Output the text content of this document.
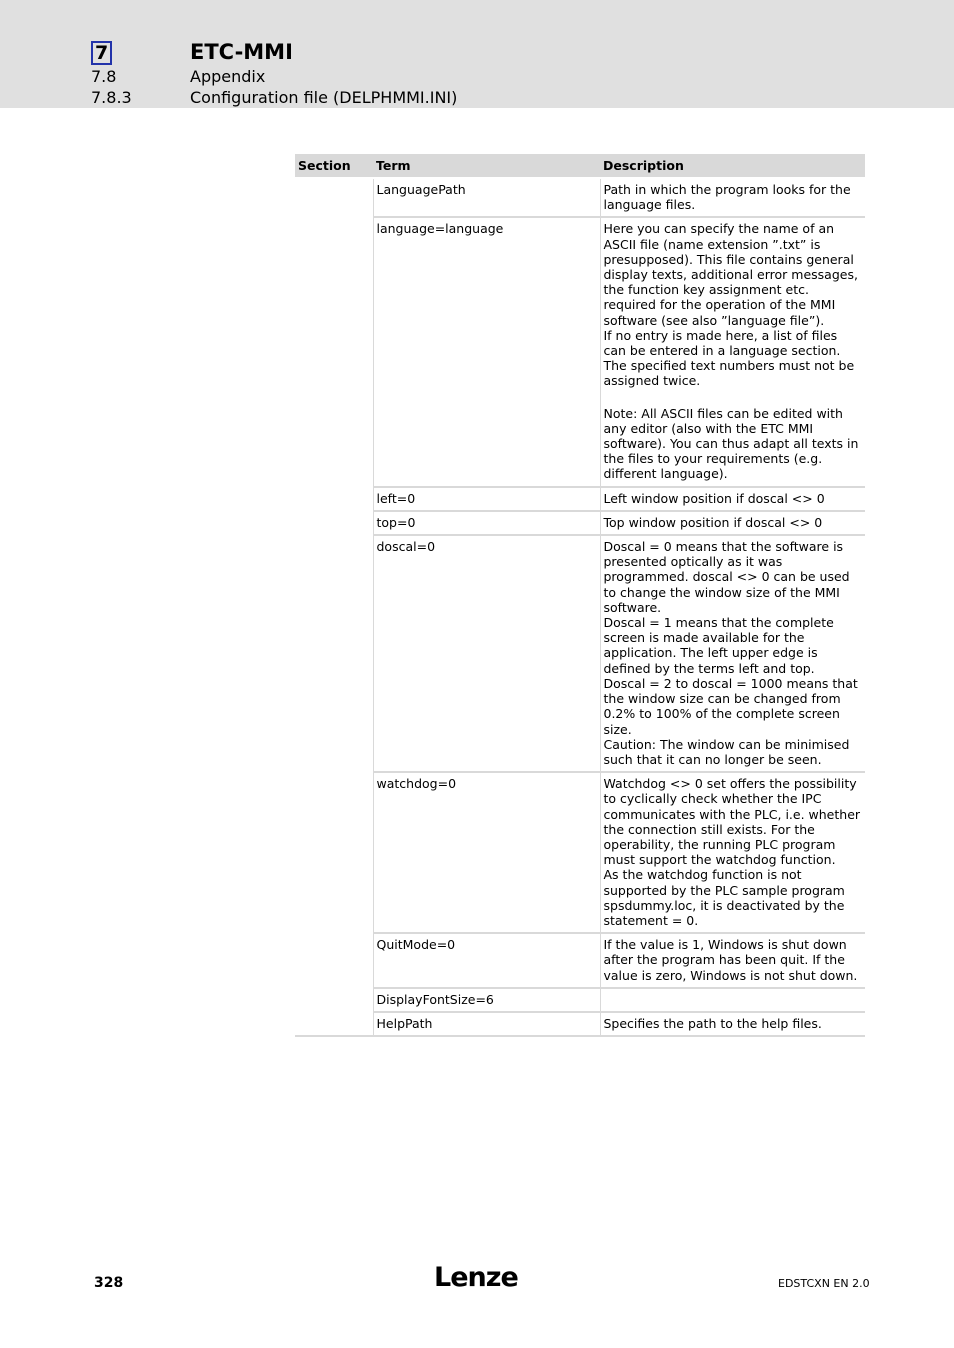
7	ETC-MMI
7.8	Appendix
7.8.3	Configuration file (DELPHMMI.INI)
Section	Term	Description
	LanguagePath	Path in which the program looks for the language files.

	language=language	Here you can specify the name of an ASCII file (name extension ”.txt” is presupposed). This file contains general display texts, additional error messages, the function key assignment etc. required for the operation of the MMI software (see also ”language file”).

If no entry is made here, a list of files can be entered in a language section. The specified text numbers must not be assigned twice.

Note: All ASCII files can be edited with any editor (also with the ETC MMI software). You can thus adapt all texts in the files to your requirements (e.g. different language).

	left=0	Left window position if doscal <> 0

	top=0	Top window position if doscal <> 0

	doscal=0	Doscal = 0 means that the software is presented optically as it was programmed. doscal <> 0 can be used to change the window size of the MMI software.

Doscal = 1 means that the complete screen is made available for the application. The left upper edge is defined by the terms left and top.

Doscal = 2 to doscal = 1000 means that the window size can be changed from 0.2% to 100% of the complete screen size.

Caution: The window can be minimised such that it can no longer be seen.

	watchdog=0	Watchdog <> 0 set offers the possibility to cyclically check whether the IPC communicates with the PLC, i.e. whether the connection still exists. For the operability, the running PLC program must support the watchdog function.

As the watchdog function is not supported by the PLC sample program spsdummy.loc, it is deactivated by the statement = 0.

	QuitMode=0	If the value is 1, Windows is shut down after the program has been quit. If the value is zero, Windows is not shut down.

	DisplayFontSize=6	

	HelpPath	Specifies the path to the help files.

328	Lenze	EDSTCXN EN 2.0
